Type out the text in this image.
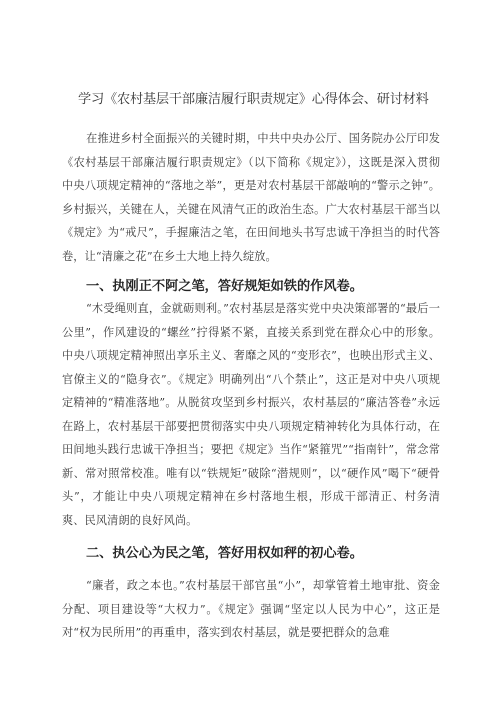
学习《农村基层干部廉洁履行职责规定》心得体会、研讨材料
在推进乡村全面振兴的关键时期，中共中央办公厅、国务院办公厅印发《农村基层干部廉洁履行职责规定》（以下简称《规定》），这既是深入贯彻中央八项规定精神的“落地之举”，更是对农村基层干部敲响的“警示之钟”。乡村振兴，关键在人，关键在风清气正的政治生态。广大农村基层干部当以《规定》为“戒尺”，手握廉洁之笔，在田间地头书写忠诚干净担当的时代答卷，让“清廉之花”在乡土大地上持久绽放。
一、执刚正不阿之笔，答好规矩如铁的作风卷。
“木受绳则直，金就砺则利。”农村基层是落实党中央决策部署的“最后一公里”，作风建设的“螺丝”拧得紧不紧，直接关系到党在群众心中的形象。中央八项规定精神照出享乐主义、奢靡之风的“变形衣”，也映出形式主义、官僚主义的“隐身衣”。《规定》明确列出“八个禁止”，这正是对中央八项规定精神的“精准落地”。从脱贫攻坚到乡村振兴，农村基层的“廉洁答卷”永远在路上，农村基层干部要把贯彻落实中央八项规定精神转化为具体行动，在田间地头践行忠诚干净担当；要把《规定》当作“紧箍咒”“指南针”，常念常新、常对照常校准。唯有以“铁规矩”破除“潜规则”，以“硬作风”喝下“硬骨头”，才能让中央八项规定精神在乡村落地生根，形成干部清正、村务清爽、民风清朗的良好风尚。
二、执公心为民之笔，答好用权如秤的初心卷。
“廉者，政之本也。”农村基层干部官虽“小”，却掌管着土地审批、资金分配、项目建设等“大权力”。《规定》强调“坚定以人民为中心”，这正是对“权为民所用”的再重申，落实到农村基层，就是要把群众的急难
